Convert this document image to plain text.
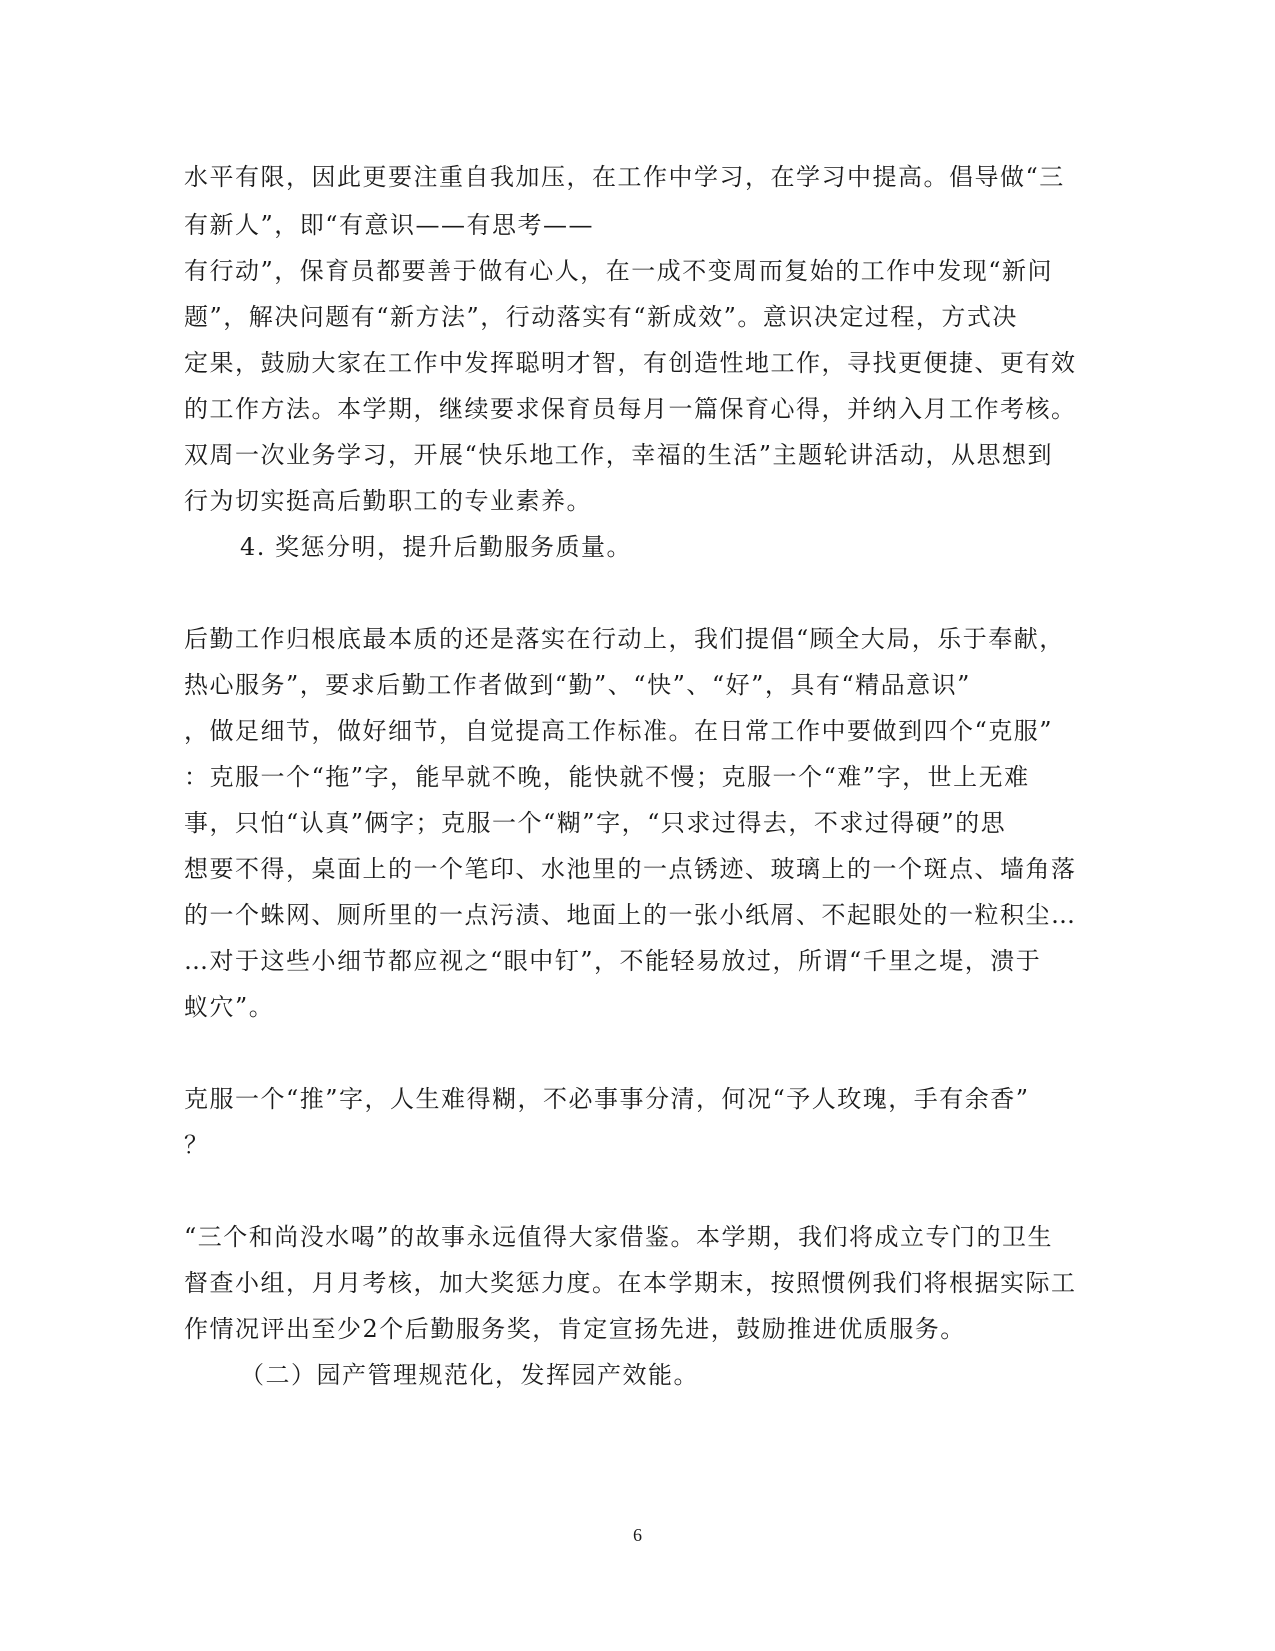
水平有限，因此更要注重自我加压，在工作中学习，在学习中提高。倡导做“三
有新人”，即“有意识——有思考——
有行动”，保育员都要善于做有心人，在一成不变周而复始的工作中发现“新问
题”，解决问题有“新方法”，行动落实有“新成效”。意识决定过程，方式决
定果，鼓励大家在工作中发挥聪明才智，有创造性地工作，寻找更便捷、更有效
的工作方法。本学期，继续要求保育员每月一篇保育心得，并纳入月工作考核。
双周一次业务学习，开展“快乐地工作，幸福的生活”主题轮讲活动，从思想到
行为切实挺高后勤职工的专业素养。
4. 奖惩分明，提升后勤服务质量。
后勤工作归根底最本质的还是落实在行动上，我们提倡“顾全大局，乐于奉献，
热心服务”，要求后勤工作者做到“勤”、“快”、“好”，具有“精品意识”
，做足细节，做好细节，自觉提高工作标准。在日常工作中要做到四个“克服”
：克服一个“拖”字，能早就不晚，能快就不慢；克服一个“难”字，世上无难
事，只怕“认真”俩字；克服一个“糊”字，“只求过得去，不求过得硬”的思
想要不得，桌面上的一个笔印、水池里的一点锈迹、玻璃上的一个斑点、墙角落
的一个蛛网、厕所里的一点污渍、地面上的一张小纸屑、不起眼处的一粒积尘…
…对于这些小细节都应视之“眼中钉”，不能轻易放过，所谓“千里之堤，溃于
蚁穴”。
克服一个“推”字，人生难得糊，不必事事分清，何况“予人玫瑰，手有余香”
？
“三个和尚没水喝”的故事永远值得大家借鉴。本学期，我们将成立专门的卫生
督查小组，月月考核，加大奖惩力度。在本学期末，按照惯例我们将根据实际工
作情况评出至少2个后勤服务奖，肯定宣扬先进，鼓励推进优质服务。
（二）园产管理规范化，发挥园产效能。
6
